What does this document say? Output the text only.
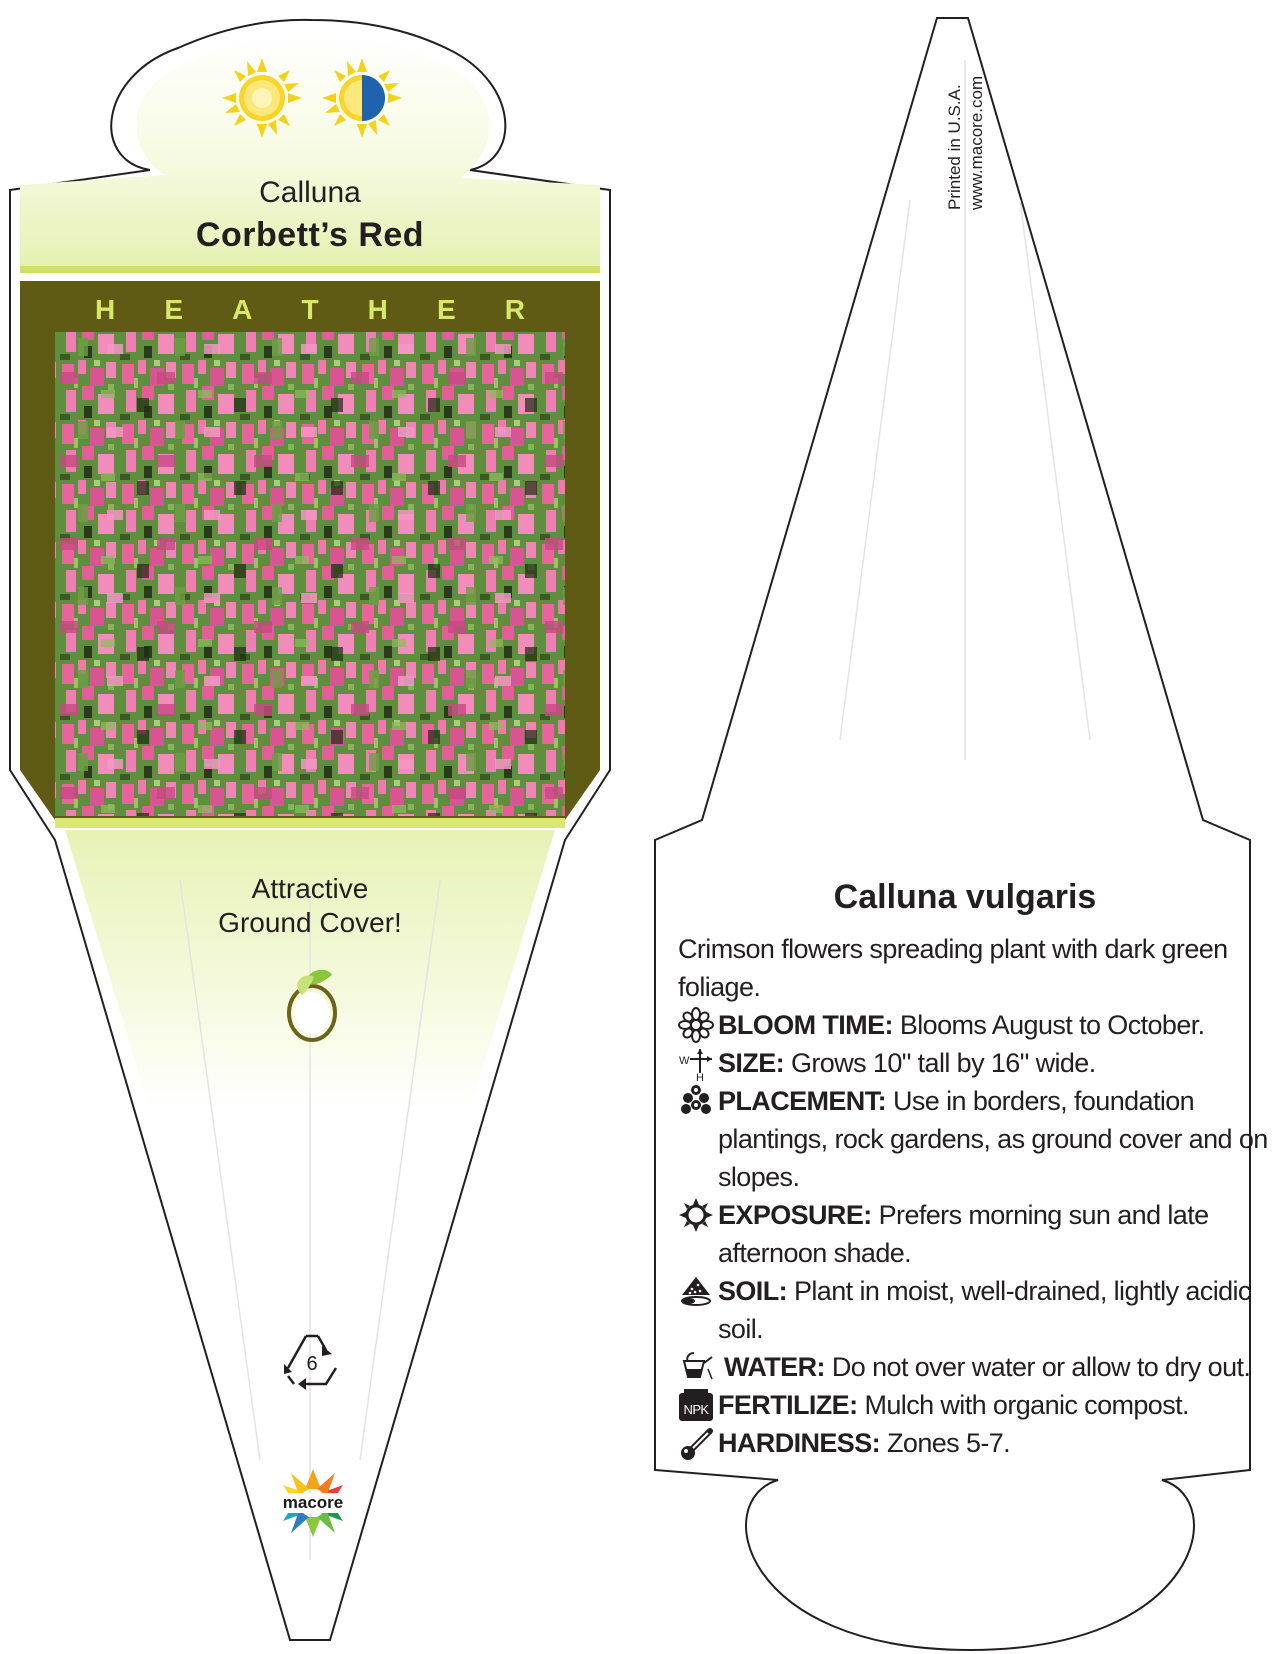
Calluna
Corbett’s Red
H E A T H E R
Attractive
Ground Cover!
6
macore
Printed in U.S.A. www.macore.com
Calluna vulgaris

Crimson flowers spreading plant with dark green foliage.

BLOOM TIME: Blooms August to October.
W
H SIZE: Grows 10" tall by 16" wide.
PLACEMENT: Use in borders, foundation plantings, rock gardens, as ground cover and on slopes.
EXPOSURE: Prefers morning sun and late afternoon shade.
SOIL: Plant in moist, well-drained, lightly acidic soil.
WATER: Do not over water or allow to dry out.
NPK FERTILIZE: Mulch with organic compost.
HARDINESS: Zones 5-7.
